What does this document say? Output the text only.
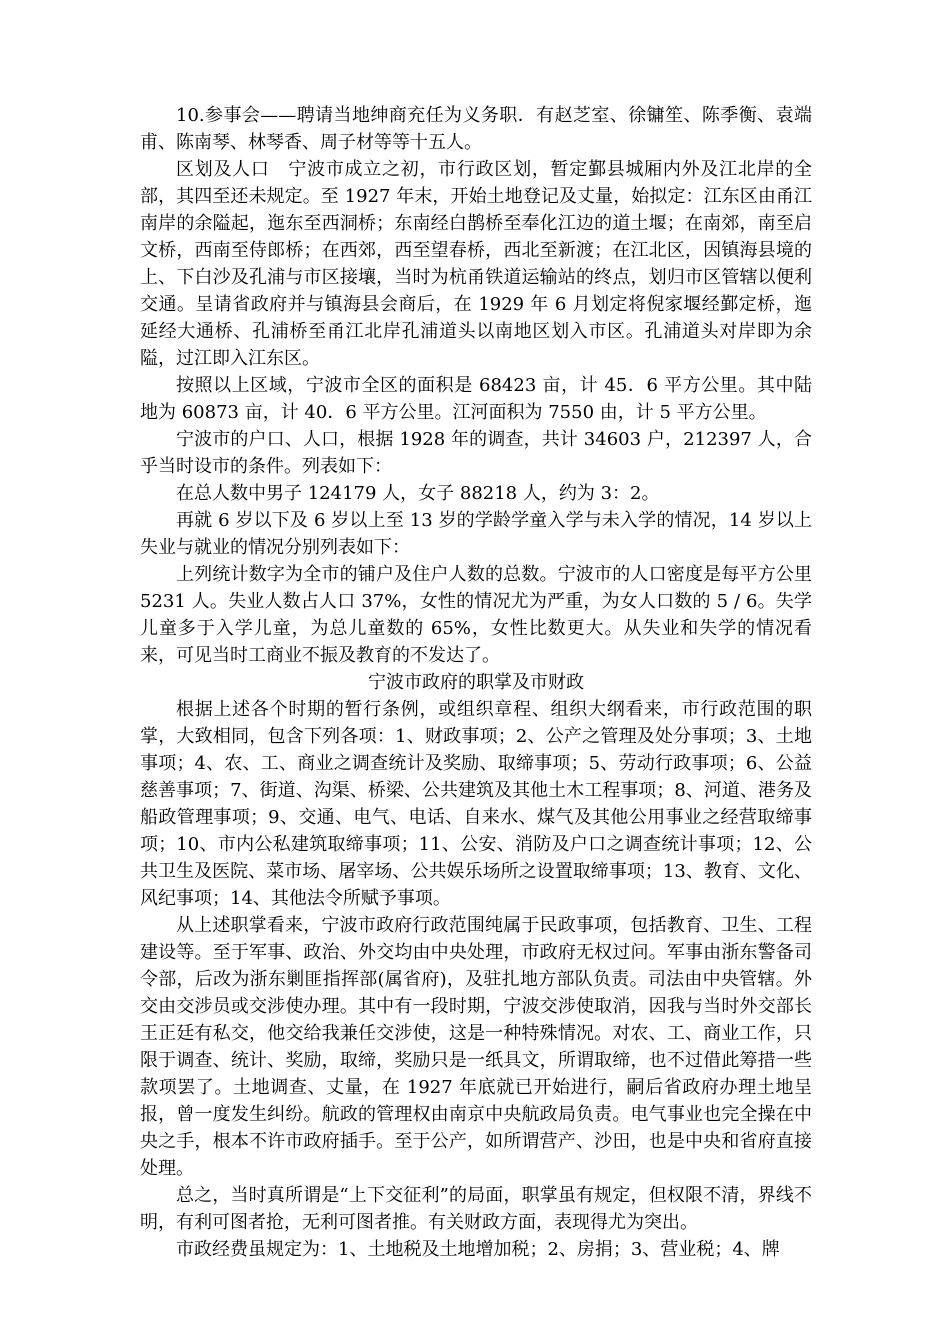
10.参事会——聘请当地绅商充任为义务职．有赵芝室、徐镛笙、陈季衡、袁端甫、陈南琴、林琴香、周子材等等十五人。

区划及人口　宁波市成立之初，市行政区划，暂定鄞县城厢内外及江北岸的全部，其四至还未规定。至 1927 年末，开始土地登记及丈量，始拟定：江东区由甬江南岸的余隘起，迤东至西洞桥；东南经白鹊桥至奉化江边的道土堰；在南郊，南至启文桥，西南至侍郎桥；在西郊，西至望春桥，西北至新渡；在江北区，因镇海县境的上、下白沙及孔浦与市区接壤，当时为杭甬铁道运输站的终点，划归市区管辖以便利交通。呈请省政府并与镇海县会商后，在 1929 年 6 月划定将倪家堰经鄞定桥，迤延经大通桥、孔浦桥至甬江北岸孔浦道头以南地区划入市区。孔浦道头对岸即为余隘，过江即入江东区。

按照以上区域，宁波市全区的面积是 68423 亩，计 45．6 平方公里。其中陆地为 60873 亩，计 40．6 平方公里。江河面积为 7550 由，计 5 平方公里。

宁波市的户口、人口，根据 1928 年的调查，共计 34603 户，212397 人，合乎当时设市的条件。列表如下：

在总人数中男子 124179 人，女子 88218 人，约为 3：2。

再就 6 岁以下及 6 岁以上至 13 岁的学龄学童入学与未入学的情况，14 岁以上失业与就业的情况分别列表如下：

上列统计数字为全市的铺户及住户人数的总数。宁波市的人口密度是每平方公里 5231 人。失业人数占人口 37%，女性的情况尤为严重，为女人口数的 5 / 6。失学儿童多于入学儿童，为总儿童数的 65%，女性比数更大。从失业和失学的情况看来，可见当时工商业不振及教育的不发达了。

宁波市政府的职掌及市财政

根据上述各个时期的暂行条例，或组织章程、组织大纲看来，市行政范围的职掌，大致相同，包含下列各项：1、财政事项；2、公产之管理及处分事项；3、土地事项；4、农、工、商业之调查统计及奖励、取缔事项；5、劳动行政事项；6、公益慈善事项；7、街道、沟渠、桥梁、公共建筑及其他土木工程事项；8、河道、港务及船政管理事项；9、交通、电气、电话、自来水、煤气及其他公用事业之经营取缔事项；10、市内公私建筑取缔事项；11、公安、消防及户口之调查统计事项；12、公共卫生及医院、菜市场、屠宰场、公共娱乐场所之设置取缔事项；13、教育、文化、风纪事项；14、其他法令所赋予事项。

从上述职掌看来，宁波市政府行政范围纯属于民政事项，包括教育、卫生、工程建设等。至于军事、政治、外交均由中央处理，市政府无权过问。军事由浙东警备司令部，后改为浙东剿匪指挥部(属省府)，及驻扎地方部队负责。司法由中央管辖。外交由交涉员或交涉使办理。其中有一段时期，宁波交涉使取消，因我与当时外交部长王正廷有私交，他交给我兼任交涉使，这是一种特殊情况。对农、工、商业工作，只限于调查、统计、奖励，取缔，奖励只是一纸具文，所谓取缔，也不过借此筹措一些款项罢了。土地调查、丈量，在 1927 年底就已开始进行，嗣后省政府办理土地呈报，曾一度发生纠纷。航政的管理权由南京中央航政局负责。电气事业也完全操在中央之手，根本不许市政府插手。至于公产，如所谓营产、沙田，也是中央和省府直接处理。

总之，当时真所谓是“上下交征利”的局面，职掌虽有规定，但权限不清，界线不明，有利可图者抢，无利可图者推。有关财政方面，表现得尤为突出。

市政经费虽规定为：1、土地税及土地增加税；2、房捐；3、营业税；4、牌
